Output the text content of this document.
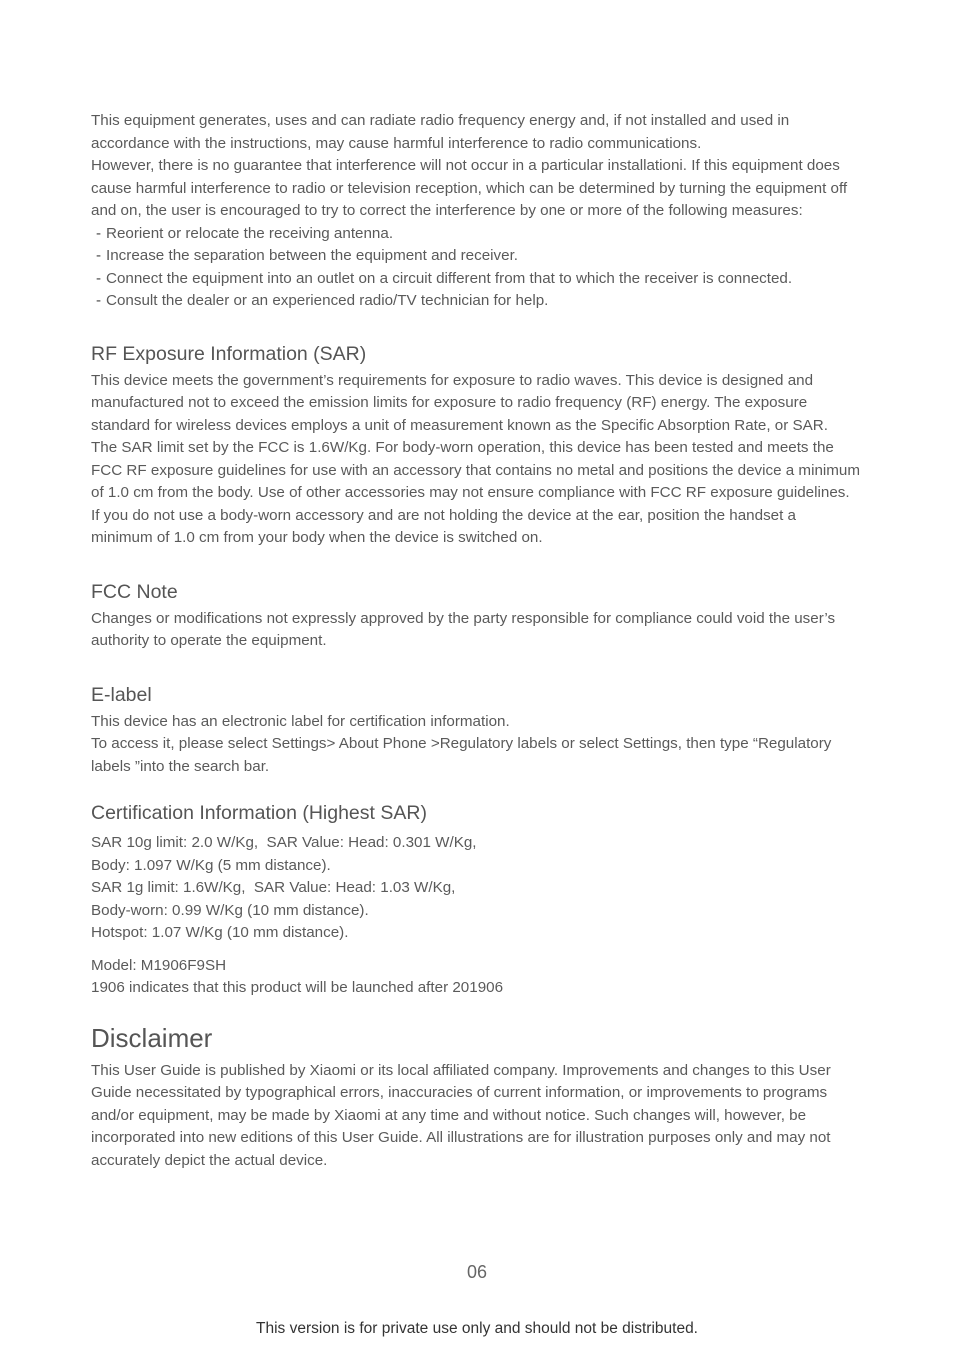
This equipment generates, uses and can radiate radio frequency energy and, if not installed and used in accordance with the instructions, may cause harmful interference to radio communications.

However, there is no guarantee that interference will not occur in a particular installationi. If this equipment does cause harmful interference to radio or television reception, which can be determined by turning the equipment off and on, the user is encouraged to try to correct the interference by one or more of the following measures:

- Reorient or relocate the receiving antenna.
- Increase the separation between the equipment and receiver.
- Connect the equipment into an outlet on a circuit different from that to which the receiver is connected.
- Consult the dealer or an experienced radio/TV technician for help.
RF Exposure Information (SAR)

This device meets the government’s requirements for exposure to radio waves. This device is designed and manufactured not to exceed the emission limits for exposure to radio frequency (RF) energy. The exposure standard for wireless devices employs a unit of measurement known as the Specific Absorption Rate, or SAR.

The SAR limit set by the FCC is 1.6W/Kg. For body-worn operation, this device has been tested and meets the FCC RF exposure guidelines for use with an accessory that contains no metal and positions the device a minimum of 1.0 cm from the body. Use of other accessories may not ensure compliance with FCC RF exposure guidelines. If you do not use a body-worn accessory and are not holding the device at the ear, position the handset a minimum of 1.0 cm from your body when the device is switched on.

FCC Note

Changes or modifications not expressly approved by the party responsible for compliance could void the user’s authority to operate the equipment.

E-label

This device has an electronic label for certification information.

To access it, please select Settings> About Phone >Regulatory labels or select Settings, then type “Regulatory labels ”into the search bar.

Certification Information (Highest SAR)

SAR 10g limit: 2.0 W/Kg,  SAR Value: Head: 0.301 W/Kg,

Body: 1.097 W/Kg (5 mm distance).

SAR 1g limit: 1.6W/Kg,  SAR Value: Head: 1.03 W/Kg,

Body-worn: 0.99 W/Kg (10 mm distance).

Hotspot: 1.07 W/Kg (10 mm distance).

Model: M1906F9SH

1906 indicates that this product will be launched after 201906

Disclaimer

This User Guide is published by Xiaomi or its local affiliated company. Improvements and changes to this User Guide necessitated by typographical errors, inaccuracies of current information, or improvements to programs and/or equipment, may be made by Xiaomi at any time and without notice. Such changes will, however, be incorporated into new editions of this User Guide. All illustrations are for illustration purposes only and may not accurately depict the actual device.

06
This version is for private use only and should not be distributed.
